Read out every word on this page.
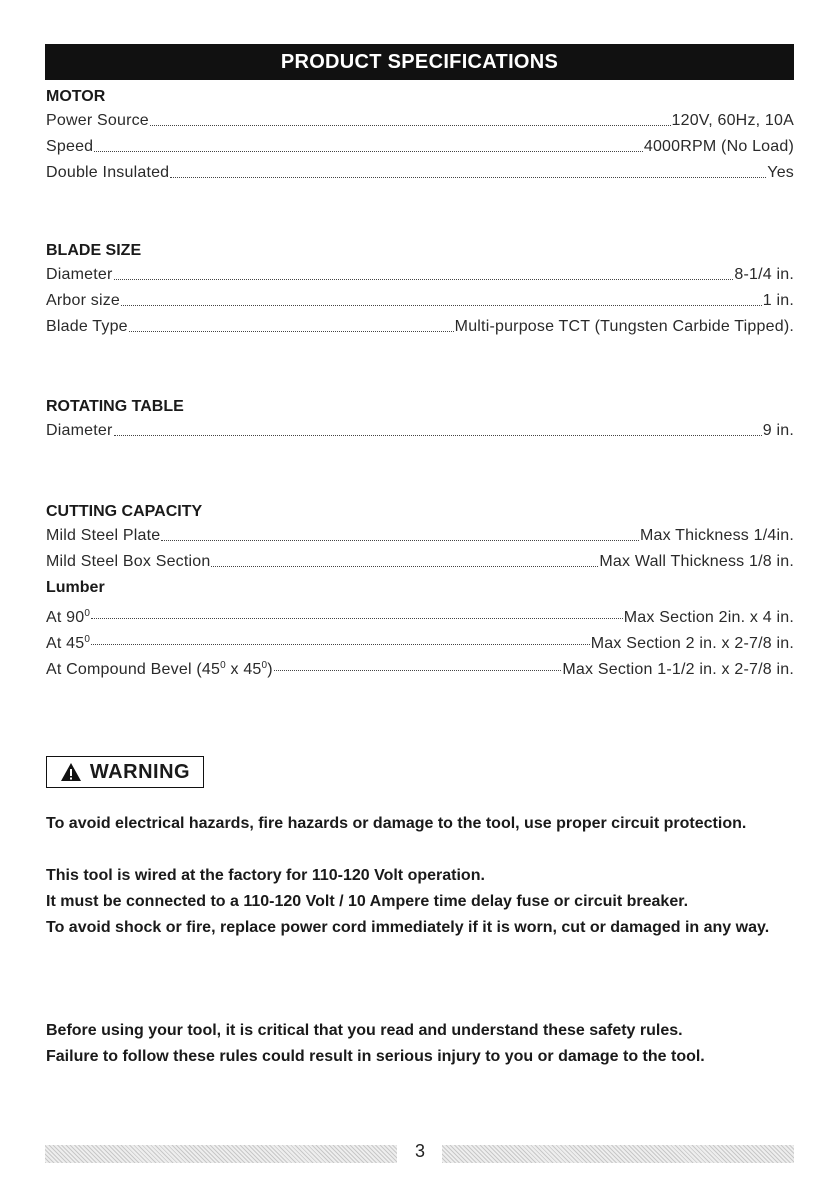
PRODUCT SPECIFICATIONS
MOTOR
Power Source	120V, 60Hz, 10A
Speed	4000RPM (No Load)
Double Insulated	Yes
BLADE SIZE
Diameter	8-1/4 in.
Arbor size	1 in.
Blade Type	Multi-purpose TCT (Tungsten Carbide Tipped).
ROTATING TABLE
Diameter	9 in.
CUTTING CAPACITY
Mild Steel Plate	Max Thickness 1/4in.
Mild Steel Box Section	Max Wall Thickness 1/8 in.
Lumber
At $90^0$	Max Section 2in. x 4 in.
At $45^0$	Max Section 2 in. x 2-7/8 in.
At Compound Bevel ($45^0$ x $45^0$)	Max Section 1-1/2 in. x 2-7/8 in.
WARNING

To avoid electrical hazards, fire hazards or damage to the tool, use proper circuit protection.

This tool is wired at the factory for 110-120 Volt operation.

It must be connected to a 110-120 Volt / 10 Ampere time delay fuse or circuit breaker.

To avoid shock or fire, replace power cord immediately if it is worn, cut or damaged in any way.

Before using your tool, it is critical that you read and understand these safety rules.

Failure to follow these rules could result in serious injury to you or damage to the tool.

3
